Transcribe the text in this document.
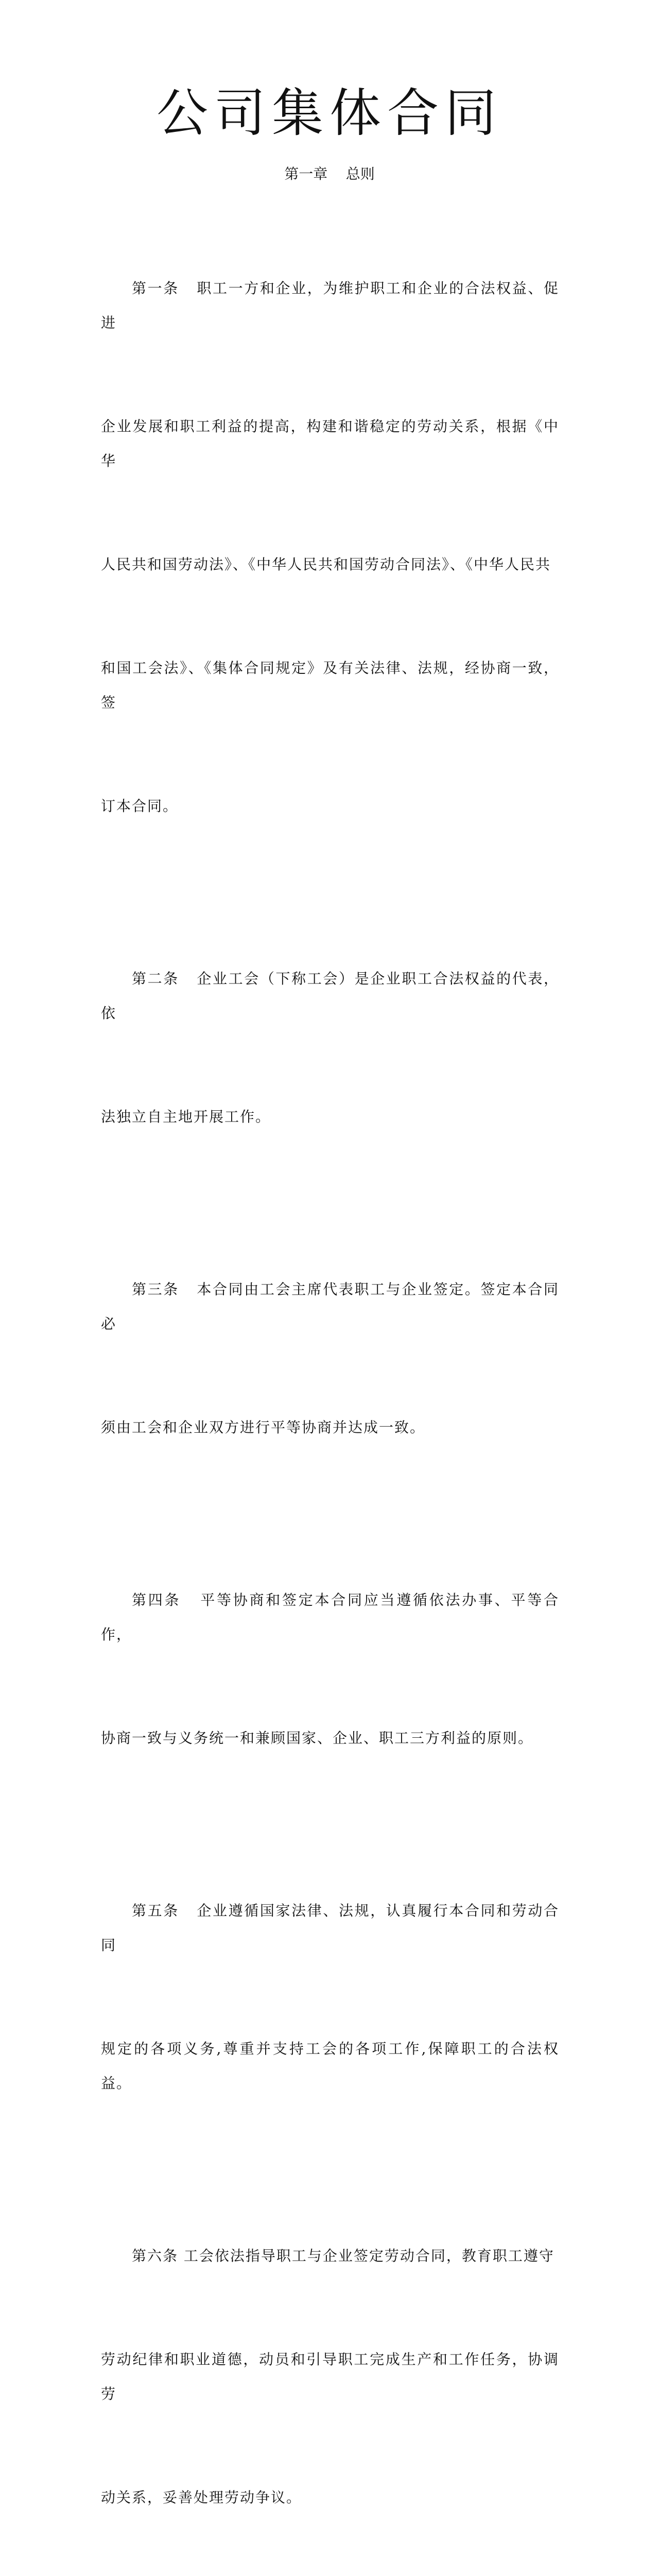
公司集体合同
第一章    总则

第一条   职工一方和企业，为维护职工和企业的合法权益、促进

企业发展和职工利益的提高，构建和谐稳定的劳动关系，根据《中华

人民共和国劳动法》、《中华人民共和国劳动合同法》、《中华人民共

和国工会法》、《集体合同规定》及有关法律、法规，经协商一致，签

订本合同。

第二条   企业工会（下称工会）是企业职工合法权益的代表，依

法独立自主地开展工作。

第三条   本合同由工会主席代表职工与企业签定。签定本合同必

须由工会和企业双方进行平等协商并达成一致。

第四条   平等协商和签定本合同应当遵循依法办事、平等合作，

协商一致与义务统一和兼顾国家、企业、职工三方利益的原则。

第五条   企业遵循国家法律、法规，认真履行本合同和劳动合同

规定的各项义务,尊重并支持工会的各项工作,保障职工的合法权益。

第六条 工会依法指导职工与企业签定劳动合同，教育职工遵守

劳动纪律和职业道德，动员和引导职工完成生产和工作任务，协调劳

动关系，妥善处理劳动争议。
